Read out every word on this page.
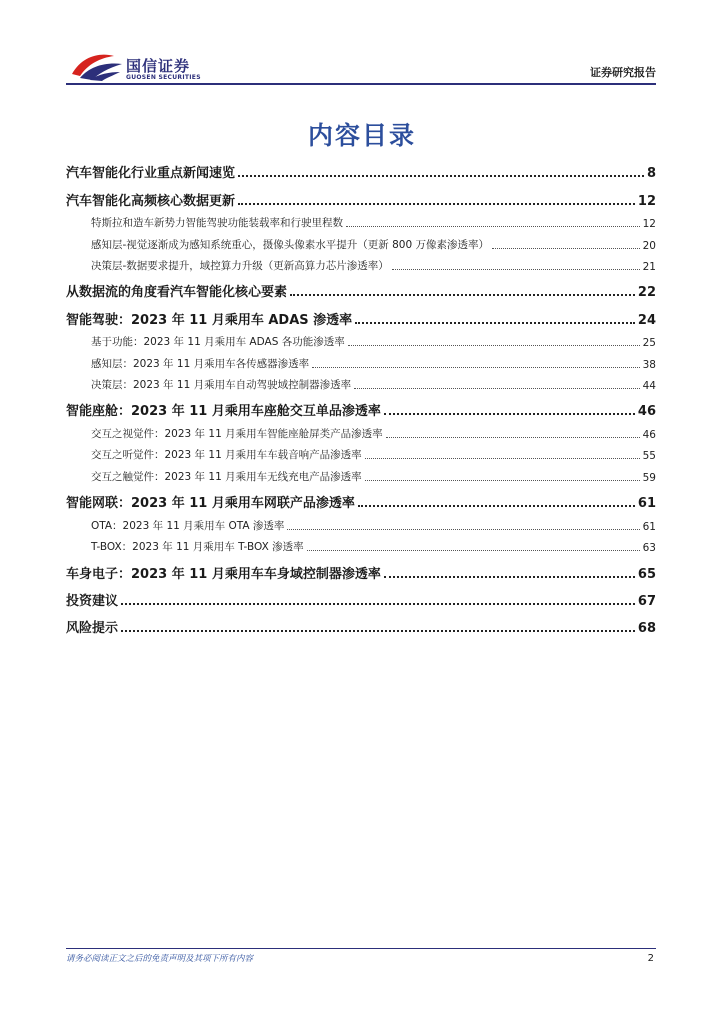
国信证券
GUOSEN SECURITIES	证券研究报告
内容目录
汽车智能化行业重点新闻速览	8
汽车智能化高频核心数据更新	12
特斯拉和造车新势力智能驾驶功能装载率和行驶里程数	12
感知层-视觉逐渐成为感知系统重心，摄像头像素水平提升（更新 800 万像素渗透率）	20
决策层-数据要求提升，域控算力升级（更新高算力芯片渗透率）	21
从数据流的角度看汽车智能化核心要素	22
智能驾驶：2023 年 11 月乘用车 ADAS 渗透率	24
基于功能：2023 年 11 月乘用车 ADAS 各功能渗透率	25
感知层：2023 年 11 月乘用车各传感器渗透率	38
决策层：2023 年 11 月乘用车自动驾驶域控制器渗透率	44
智能座舱：2023 年 11 月乘用车座舱交互单品渗透率	46
交互之视觉件：2023 年 11 月乘用车智能座舱屏类产品渗透率	46
交互之听觉件：2023 年 11 月乘用车车载音响产品渗透率	55
交互之触觉件：2023 年 11 月乘用车无线充电产品渗透率	59
智能网联：2023 年 11 月乘用车网联产品渗透率	61
OTA：2023 年 11 月乘用车 OTA 渗透率	61
T-BOX：2023 年 11 月乘用车 T-BOX 渗透率	63
车身电子：2023 年 11 月乘用车车身域控制器渗透率	65
投资建议	67
风险提示	68
请务必阅读正文之后的免责声明及其项下所有内容	2
